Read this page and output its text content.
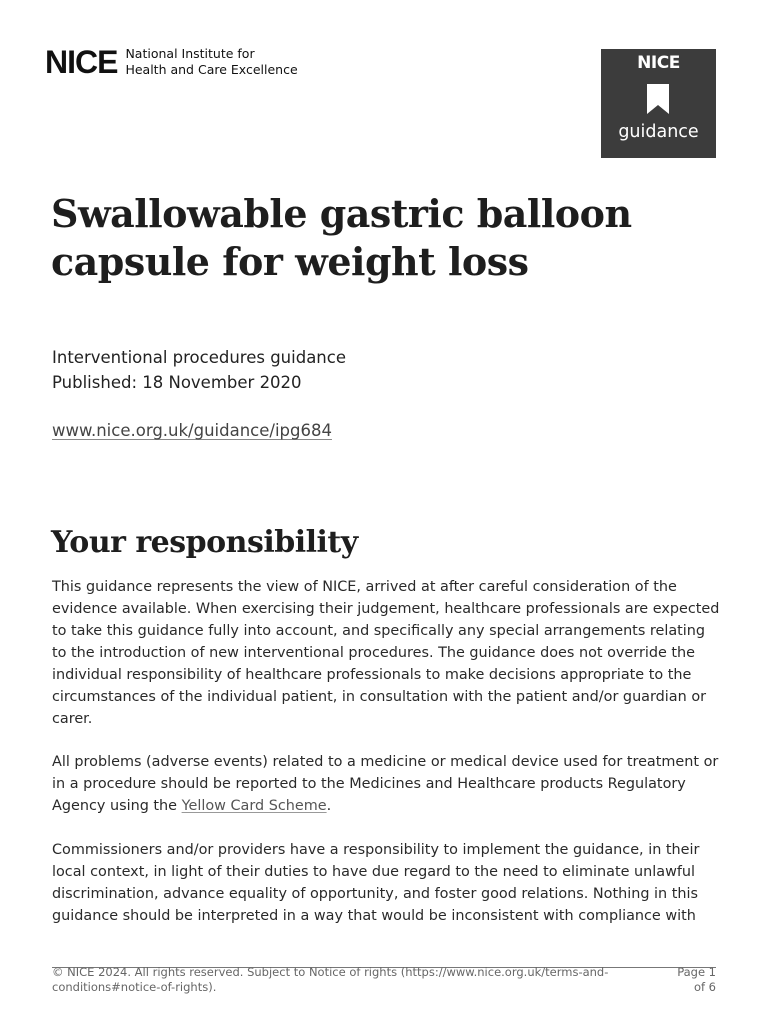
NICE National Institute for
Health and Care Excellence	NICE
guidance
Swallowable gastric balloon capsule for weight loss
Interventional procedures guidance
Published: 18 November 2020
www.nice.org.uk/guidance/ipg684
Your responsibility

This guidance represents the view of NICE, arrived at after careful consideration of the evidence available. When exercising their judgement, healthcare professionals are expected to take this guidance fully into account, and specifically any special arrangements relating to the introduction of new interventional procedures. The guidance does not override the individual responsibility of healthcare professionals to make decisions appropriate to the circumstances of the individual patient, in consultation with the patient and/or guardian or carer.

All problems (adverse events) related to a medicine or medical device used for treatment or in a procedure should be reported to the Medicines and Healthcare products Regulatory Agency using the Yellow Card Scheme.

Commissioners and/or providers have a responsibility to implement the guidance, in their local context, in light of their duties to have due regard to the need to eliminate unlawful discrimination, advance equality of opportunity, and foster good relations. Nothing in this guidance should be interpreted in a way that would be inconsistent with compliance with

© NICE 2024. All rights reserved. Subject to Notice of rights (https://www.nice.org.uk/terms-and-conditions#notice-of-rights).
Page 1
of 6
